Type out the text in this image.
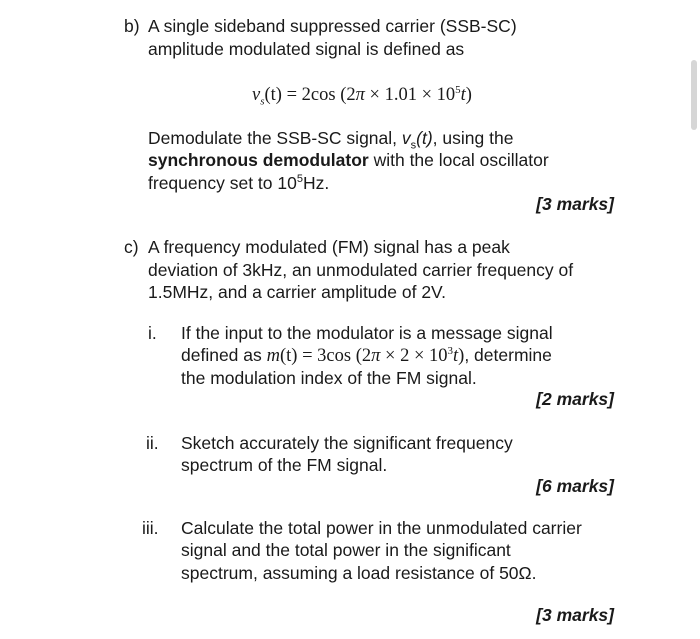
b) A single sideband suppressed carrier (SSB-SC)
amplitude modulated signal is defined as
$v_s(t) = 2\cos$ $(2\pi \times 1.01 \times 10^5t)$
Demodulate the SSB-SC signal, $v_s(t)$, using the
synchronous demodulator with the local oscillator
frequency set to $10^5Hz$.
[3 marks]
c) A frequency modulated (FM) signal has a peak
deviation of 3kHz, an unmodulated carrier frequency of
1.5MHz, and a carrier amplitude of 2V.
i. If the input to the modulator is a message signal
defined as m(t) = 3cos $(2\pi \times 2 \times 10^3t)$, determine
the modulation index of the FM signal.
[2 marks]
ii. Sketch accurately the significant frequency
spectrum of the FM signal.
[6 marks]
iii. Calculate the total power in the unmodulated carrier
signal and the total power in the significant
spectrum, assuming a load resistance of 50Ω.
[3 marks]
